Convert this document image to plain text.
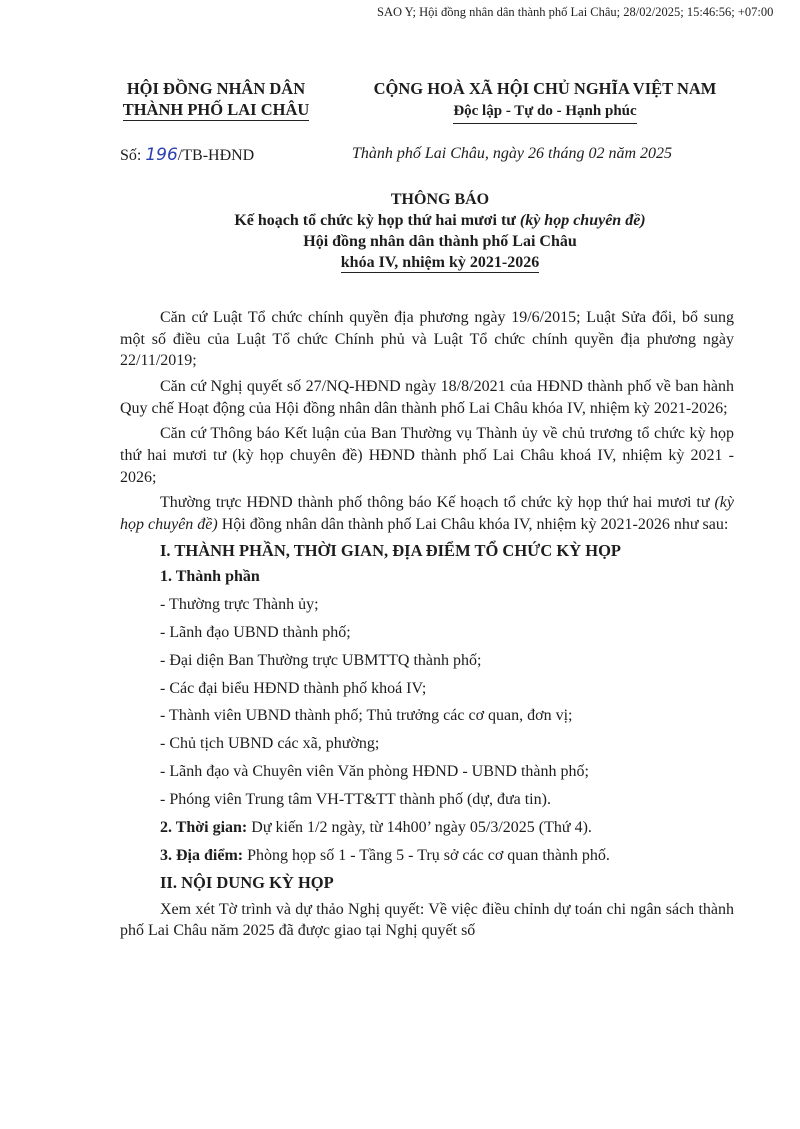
SAO Y; Hội đồng nhân dân thành phố Lai Châu; 28/02/2025; 15:46:56; +07:00
HỘI ĐỒNG NHÂN DÂN
THÀNH PHỐ LAI CHÂU
CỘNG HOÀ XÃ HỘI CHỦ NGHĨA VIỆT NAM
Độc lập - Tự do - Hạnh phúc
Số: 196/TB-HĐND	Thành phố Lai Châu, ngày 26 tháng 02 năm 2025
THÔNG BÁO
Kế hoạch tổ chức kỳ họp thứ hai mươi tư (kỳ họp chuyên đề)
Hội đồng nhân dân thành phố Lai Châu
khóa IV, nhiệm kỳ 2021-2026

Căn cứ Luật Tổ chức chính quyền địa phương ngày 19/6/2015; Luật Sửa đổi, bổ sung một số điều của Luật Tổ chức Chính phủ và Luật Tổ chức chính quyền địa phương ngày 22/11/2019;

Căn cứ Nghị quyết số 27/NQ-HĐND ngày 18/8/2021 của HĐND thành phố về ban hành Quy chế Hoạt động của Hội đồng nhân dân thành phố Lai Châu khóa IV, nhiệm kỳ 2021-2026;

Căn cứ Thông báo Kết luận của Ban Thường vụ Thành ủy về chủ trương tổ chức kỳ họp thứ hai mươi tư (kỳ họp chuyên đề) HĐND thành phố Lai Châu khoá IV, nhiệm kỳ 2021 - 2026;

Thường trực HĐND thành phố thông báo Kế hoạch tổ chức kỳ họp thứ hai mươi tư (kỳ họp chuyên đề) Hội đồng nhân dân thành phố Lai Châu khóa IV, nhiệm kỳ 2021-2026 như sau:

I. THÀNH PHẦN, THỜI GIAN, ĐỊA ĐIỂM TỔ CHỨC KỲ HỌP
1. Thành phần
- Thường trực Thành ủy;
- Lãnh đạo UBND thành phố;
- Đại diện Ban Thường trực UBMTTQ thành phố;
- Các đại biểu HĐND thành phố khoá IV;
- Thành viên UBND thành phố; Thủ trưởng các cơ quan, đơn vị;
- Chủ tịch UBND các xã, phường;
- Lãnh đạo và Chuyên viên Văn phòng HĐND - UBND thành phố;
- Phóng viên Trung tâm VH-TT&TT thành phố (dự, đưa tin).
2. Thời gian: Dự kiến 1/2 ngày, từ 14h00’ ngày 05/3/2025 (Thứ 4).
3. Địa điểm: Phòng họp số 1 - Tầng 5 - Trụ sở các cơ quan thành phố.
II. NỘI DUNG KỲ HỌP

Xem xét Tờ trình và dự thảo Nghị quyết: Về việc điều chỉnh dự toán chi ngân sách thành phố Lai Châu năm 2025 đã được giao tại Nghị quyết số
